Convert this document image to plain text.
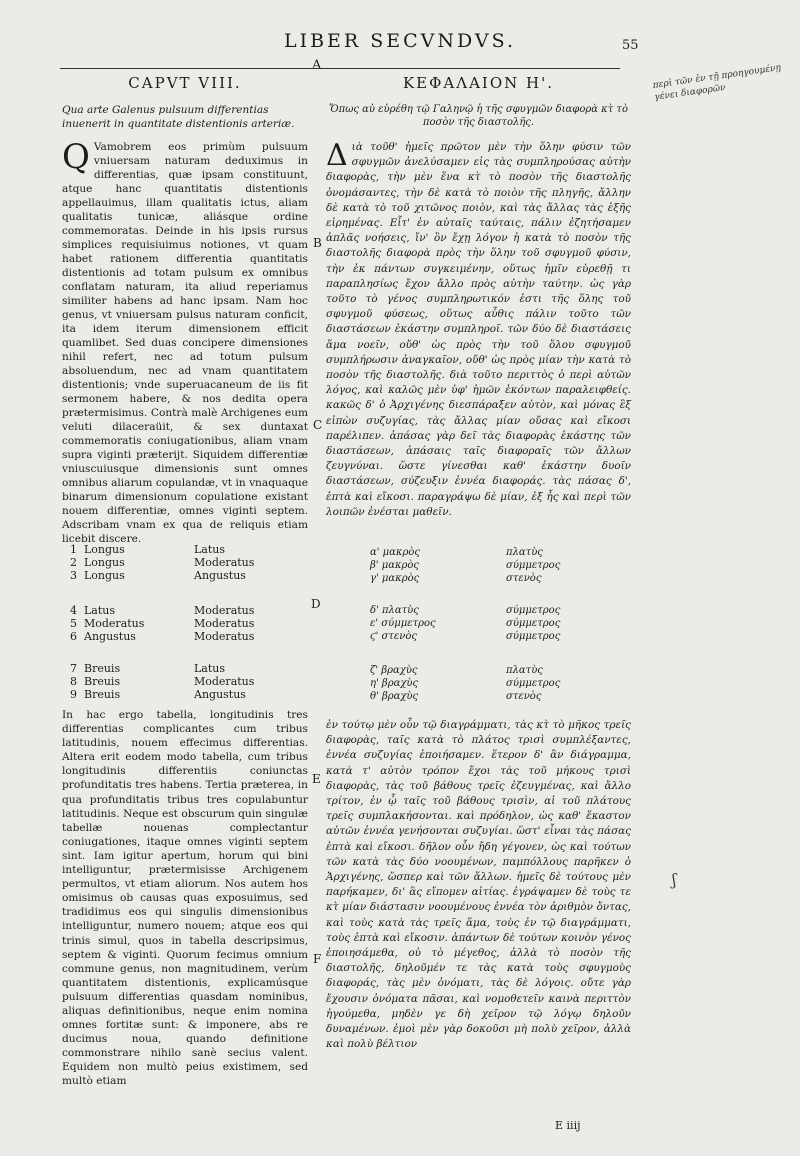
LIBER SECVNDVS.	55
A
CAPVT VIII.
Qua arte Galenus pulsuum differentias inuenerit in quantitate distentionis arteriæ.
Q Vamobrem eos primùm pulsuum vniuersam naturam deduximus in differentias, quæ ipsam constituunt, atque hanc quantitatis distentionis appellauimus, illam qualitatis ictus, aliam qualitatis tunicæ, aliásque ordine commemoratas. Deinde in his ipsis rursus simplices requisiuimus notiones, vt quam habet rationem differentia quantitatis distentionis ad totam pulsum ex omnibus conflatam naturam, ita aliud reperiamus similiter habens ad hanc ipsam. Nam hoc genus, vt vniuersam pulsus naturam conficit, ita idem iterum dimensionem efficit quamlibet. Sed duas concipere dimensiones nihil refert, nec ad totum pulsum absoluendum, nec ad vnam quantitatem distentionis; vnde superuacaneum de iis fit sermonem habere, & nos dedita opera prætermisimus. Contrà malè Archigenes eum veluti dilaceraüit, & sex duntaxat commemoratis coniugationibus, aliam vnam supra viginti præterijt. Siquidem differentiæ vniuscuiusque dimensionis sunt omnes omnibus aliarum copulandæ, vt in vnaquaque binarum dimensionum copulatione existant nouem differentiæ, omnes viginti septem. Adscribam vnam ex qua de reliquis etiam licebit discere.
1	Longus	Latus
2	Longus	Moderatus
3	Longus	Angustus
4	Latus	Moderatus
5	Moderatus	Moderatus
6	Angustus	Moderatus
7	Breuis	Latus
8	Breuis	Moderatus
9	Breuis	Angustus
In hac ergo tabella, longitudinis tres differentias complicantes cum tribus latitudinis, nouem effecimus differentias. Altera erit eodem modo tabella, cum tribus longitudinis differentiis coniunctas profunditatis tres habens. Tertia præterea, in qua profunditatis tribus tres copulabuntur latitudinis. Neque est obscurum quin singulæ tabellæ nouenas complectantur coniugationes, itaque omnes viginti septem sint. Iam igitur apertum, horum qui bini intelliguntur, prætermisisse Archigenem permultos, vt etiam aliorum. Nos autem hos omisimus ob causas quas exposuimus, sed tradidimus eos qui singulis dimensionibus intelliguntur, numero nouem; atque eos qui trinis simul, quos in tabella descripsimus, septem & viginti. Quorum fecimus omnium commune genus, non magnitudinem, verùm quantitatem distentionis, explicamúsque pulsuum differentias quasdam nominibus, aliquas definitionibus, neque enim nomina omnes fortitæ sunt: & imponere, abs re ducimus noua, quando definitione commonstrare nihilo sanè secius valent. Equidem non multò peius existimem, sed multò etiam
ΚΕΦΑΛΑΙΟΝ Η'.
Ὅπως αὐ εὑρέθη τῷ Γαληνῷ ἡ τῆς σφυγμῶν διαφορὰ κτ̀ τὸ ποσὸν τῆς διαστολῆς.
Διὰ τοῦθ' ἡμεῖς πρῶτον μὲν τὴν ὅλην φύσιν τῶν σφυγμῶν ἀνελύσαμεν εἰς τὰς συμπληρούσας αὐτὴν διαφορὰς, τὴν μὲν ἕνα κτ̀ τὸ ποσὸν τῆς διαστολῆς ὀνομάσαντες, τὴν δὲ κατὰ τὸ ποιὸν τῆς πληγῆς, ἄλλην δὲ κατὰ τὸ τοῦ χιτῶνος ποιὸν, καὶ τὰς ἄλλας τὰς ἑξῆς εἰρημένας. Εἶτ' ἐν αὐταῖς ταύταις, πάλιν ἐζητήσαμεν ἁπλᾶς νοήσεις, ἵν' ὃν ἔχῃ λόγον ἡ κατὰ τὸ ποσὸν τῆς διαστολῆς διαφορὰ πρὸς τὴν ὅλην τοῦ σφυγμοῦ φύσιν, τὴν ἐκ πάντων συγκειμένην, οὕτως ἡμῖν εὑρεθῇ τι παραπλησίως ἔχον ἄλλο πρὸς αὐτὴν ταύτην. ὡς γὰρ τοῦτο τὸ γένος συμπληρωτικόν ἐστι τῆς ὅλης τοῦ σφυγμοῦ φύσεως, οὕτως αὖθις πάλιν τοῦτο τῶν διαστάσεων ἑκάστην συμπληροῖ. τῶν δύο δὲ διαστάσεις ἅμα νοεῖν, οὔθ' ὡς πρὸς τὴν τοῦ ὅλου σφυγμοῦ συμπλήρωσιν ἀναγκαῖον, οὔθ' ὡς πρὸς μίαν τὴν κατὰ τὸ ποσὸν τῆς διαστολῆς. διὰ τοῦτο περιττὸς ὁ περὶ αὐτῶν λόγος, καὶ καλῶς μὲν ὑφ' ἡμῶν ἑκόντων παραλειφθείς. κακῶς δ' ὁ Ἀρχιγένης διεσπάραξεν αὐτὸν, καὶ μόνας ἓξ εἰπὼν συζυγίας, τὰς ἄλλας μίαν οὔσας καὶ εἴκοσι παρέλιπεν. ἁπάσας γὰρ δεῖ τὰς διαφορὰς ἑκάστης τῶν διαστάσεων, ἁπάσαις ταῖς διαφοραῖς τῶν ἄλλων ζευγνύναι. ὥστε γίνεσθαι καθ' ἑκάστην δυοῖν διαστάσεων, σύζευξιν ἐννέα διαφοράς. τὰς πάσας δ', ἑπτὰ καὶ εἴκοσι. παραγράψω δὲ μίαν, ἐξ ἧς καὶ περὶ τῶν λοιπῶν ἐνέσται μαθεῖν.
α' μακρὸς	πλατὺς
β' μακρὸς	σύμμετρος
γ' μακρὸς	στενὸς
δ' πλατὺς	σύμμετρος
ε' σύμμετρος	σύμμετρος
ϛ' στενὸς	σύμμετρος
ζ' βραχὺς	πλατὺς
η' βραχὺς	σύμμετρος
θ' βραχὺς	στενὸς
ἐν τούτῳ μὲν οὖν τῷ διαγράμματι, τὰς κτ̀ τὸ μῆκος τρεῖς διαφορὰς, ταῖς κατὰ τὸ πλάτος τρισὶ συμπλέξαντες, ἐννέα συζυγίας ἐποιήσαμεν. ἕτερον δ' ἂν διάγραμμα, κατὰ τ' αὐτὸν τρόπον ἔχοι τὰς τοῦ μήκους τρισὶ διαφορὰς, τὰς τοῦ βάθους τρεῖς ἐζευγμένας, καὶ ἄλλο τρίτον, ἐν ᾧ ταῖς τοῦ βάθους τρισὶν, αἱ τοῦ πλάτους τρεῖς συμπλακήσονται. καὶ πρόδηλον, ὡς καθ' ἕκαστον αὐτῶν ἐννέα γενήσονται συζυγίαι. ὥστ' εἶναι τὰς πάσας ἑπτὰ καὶ εἴκοσι. δῆλον οὖν ἤδη γέγονεν, ὡς καὶ τούτων τῶν κατὰ τὰς δύο νοουμένων, παμπόλλους παρῆκεν ὁ Ἀρχιγένης, ὥσπερ καὶ τῶν ἄλλων. ἡμεῖς δὲ τούτους μὲν παρήκαμεν, δι' ἃς εἴπομεν αἰτίας. ἐγράψαμεν δὲ τοὺς τε κτ̀ μίαν διάστασιν νοουμένους ἐννέα τὸν ἀριθμὸν ὄντας, καὶ τοὺς κατὰ τὰς τρεῖς ἅμα, τοὺς ἐν τῷ διαγράμματι, τοὺς ἑπτὰ καὶ εἴκοσιν. ἁπάντων δὲ τούτων κοινὸν γένος ἐποιησάμεθα, οὐ τὸ μέγεθος, ἀλλὰ τὸ ποσὸν τῆς διαστολῆς, δηλοῦμέν τε τὰς κατὰ τοὺς σφυγμοὺς διαφοράς, τὰς μὲν ὀνόματι, τὰς δὲ λόγοις. οὔτε γὰρ ἔχουσιν ὀνόματα πᾶσαι, καὶ νομοθετεῖν καινὰ περιττὸν ἡγούμεθα, μηδὲν γε δὴ χεῖρον τῷ λόγῳ δηλοῦν δυναμένων. ἐμοὶ μὲν γὰρ δοκοῦσι μὴ πολὺ χεῖρον, ἀλλὰ καὶ πολὺ βέλτιον
B
C
D
E
F
περὶ τῶν ἐν τῇ προηγουμένῃ γένει διαφορῶν
ʃ
E iiij
